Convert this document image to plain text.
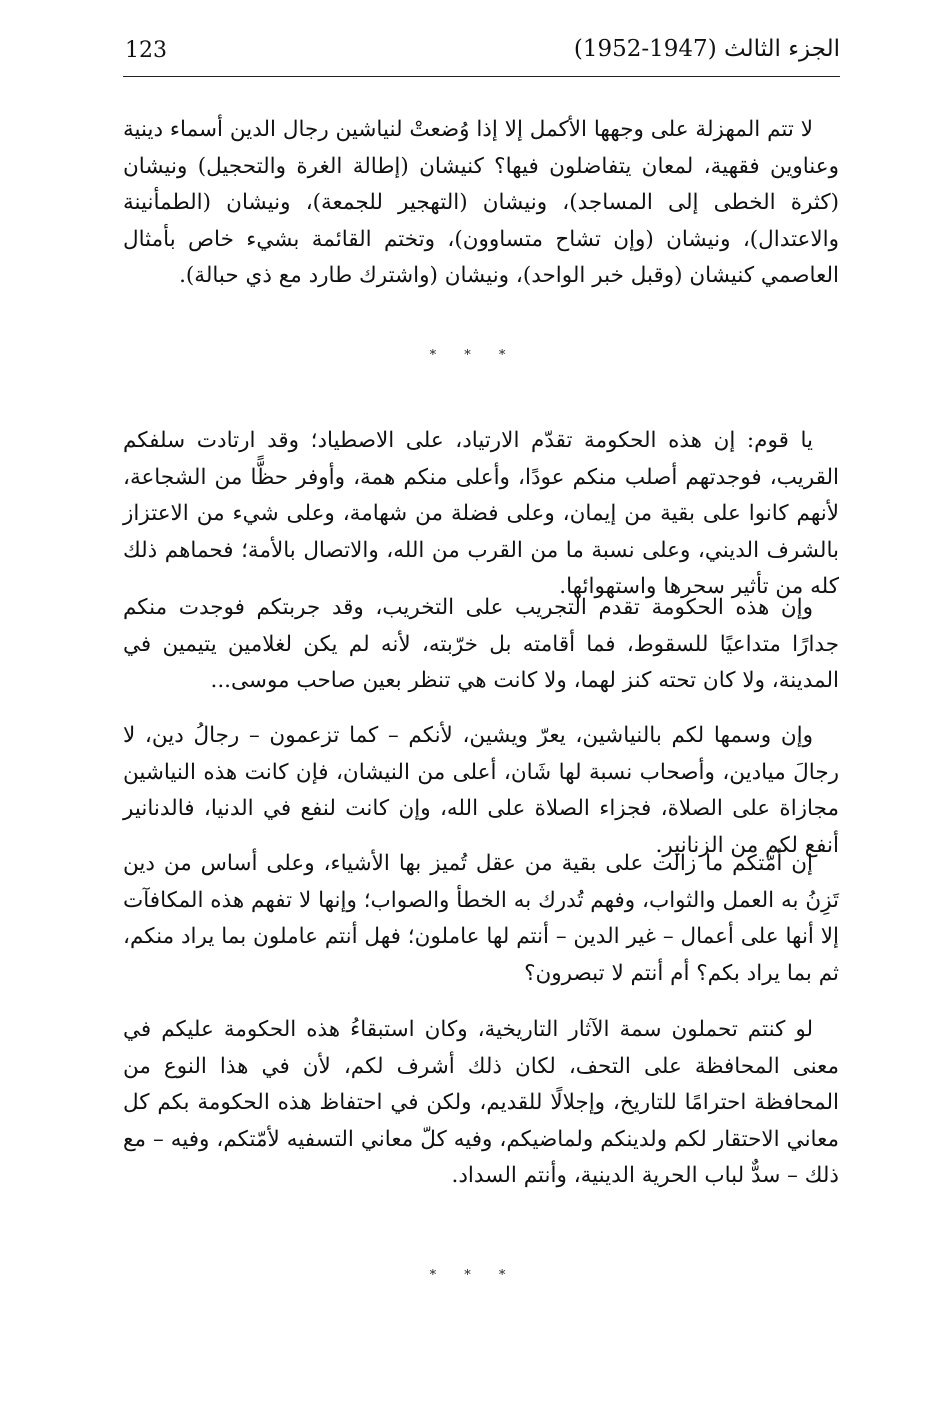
123	الجزء الثالث (1947-1952)

لا تتم المهزلة على وجهها الأكمل إلا إذا وُضعتْ لنياشين رجال الدين أسماء دينية وعناوين فقهية، لمعان يتفاضلون فيها؟ كنيشان (إطالة الغرة والتحجيل) ونيشان (كثرة الخطى إلى المساجد)، ونيشان (التهجير للجمعة)، ونيشان (الطمأنينة والاعتدال)، ونيشان (وإن تشاح متساوون)، وتختم القائمة بشيء خاص بأمثال العاصمي كنيشان (وقبل خبر الواحد)، ونيشان (واشترك طارد مع ذي حبالة).

* * *

يا قوم: إن هذه الحكومة تقدّم الارتياد، على الاصطياد؛ وقد ارتادت سلفكم القريب، فوجدتهم أصلب منكم عودًا، وأعلى منكم همة، وأوفر حظًّا من الشجاعة، لأنهم كانوا على بقية من إيمان، وعلى فضلة من شهامة، وعلى شيء من الاعتزاز بالشرف الديني، وعلى نسبة ما من القرب من الله، والاتصال بالأمة؛ فحماهم ذلك كله من تأثير سحرها واستهوائها.

وإن هذه الحكومة تقدم التجريب على التخريب، وقد جربتكم فوجدت منكم جدارًا متداعيًا للسقوط، فما أقامته بل خرّبته، لأنه لم يكن لغلامين يتيمين في المدينة، ولا كان تحته كنز لهما، ولا كانت هي تنظر بعين صاحب موسى...

وإن وسمها لكم بالنياشين، يعرّ ويشين، لأنكم – كما تزعمون – رجالُ دين، لا رجالَ ميادين، وأصحاب نسبة لها شَان، أعلى من النيشان، فإن كانت هذه النياشين مجازاة على الصلاة، فجزاء الصلاة على الله، وإن كانت لنفع في الدنيا، فالدنانير أنفع لكم من الزنانير.

إن أمّتكم ما زالت على بقية من عقل تُميز بها الأشياء، وعلى أساس من دين تَزِنُ به العمل والثواب، وفهم تُدرك به الخطأ والصواب؛ وإنها لا تفهم هذه المكافآت إلا أنها على أعمال – غير الدين – أنتم لها عاملون؛ فهل أنتم عاملون بما يراد منكم، ثم بما يراد بكم؟ أم أنتم لا تبصرون؟

لو كنتم تحملون سمة الآثار التاريخية، وكان استبقاءُ هذه الحكومة عليكم في معنى المحافظة على التحف، لكان ذلك أشرف لكم، لأن في هذا النوع من المحافظة احترامًا للتاريخ، وإجلالًا للقديم، ولكن في احتفاظ هذه الحكومة بكم كل معاني الاحتقار لكم ولدينكم ولماضيكم، وفيه كلّ معاني التسفيه لأمّتكم، وفيه – مع ذلك – سدٌّ لباب الحرية الدينية، وأنتم السداد.

* * *
